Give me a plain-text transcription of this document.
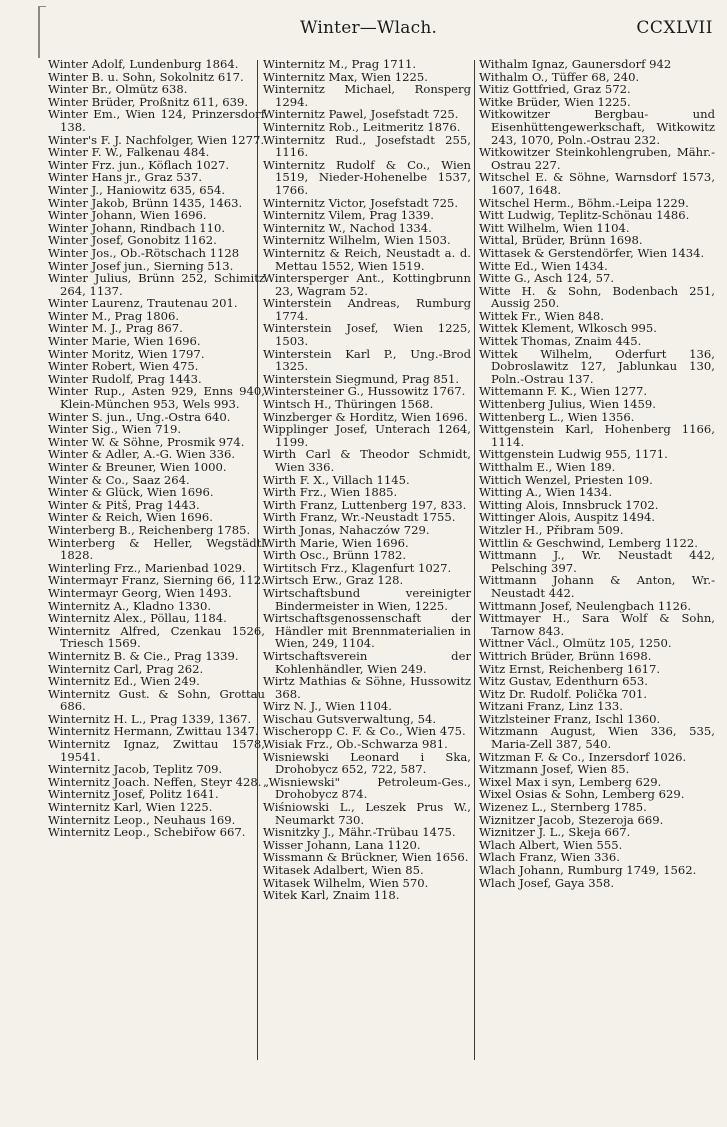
Winter—Wlach.	CCXLVII

Winter Adolf, Lundenburg 1864.

Winter B. u. Sohn, Sokolnitz 617.

Winter Br., Olmütz 638.

Winter Brüder, Proßnitz 611, 639.

Winter Em., Wien 124, Prinzersdorf 138.

Winter's F. J. Nachfolger, Wien 1277.

Winter F. W., Falkenau 484.

Winter Frz. jun., Köflach 1027.

Winter Hans jr., Graz 537.

Winter J., Haniowitz 635, 654.

Winter Jakob, Brünn 1435, 1463.

Winter Johann, Wien 1696.

Winter Johann, Rindbach 110.

Winter Josef, Gonobitz 1162.

Winter Jos., Ob.-Rötschach 1128

Winter Josef jun., Sierning 513.

Winter Julius, Brünn 252, Schimitz 264, 1137.

Winter Laurenz, Trautenau 201.

Winter M., Prag 1806.

Winter M. J., Prag 867.

Winter Marie, Wien 1696.

Winter Moritz, Wien 1797.

Winter Robert, Wien 475.

Winter Rudolf, Prag 1443.

Winter Rup., Asten 929, Enns 940, Klein-München 953, Wels 993.

Winter S. jun., Ung.-Ostra 640.

Winter Sig., Wien 719.

Winter W. & Söhne, Prosmik 974.

Winter & Adler, A.-G. Wien 336.

Winter & Breuner, Wien 1000.

Winter & Co., Saaz 264.

Winter & Glück, Wien 1696.

Winter & Pitš, Prag 1443.

Winter & Reich, Wien 1696.

Winterberg B., Reichenberg 1785.

Winterberg & Heller, Wegstädtl 1828.

Winterling Frz., Marienbad 1029.

Wintermayr Franz, Sierning 66, 112.

Wintermayr Georg, Wien 1493.

Winternitz A., Kladno 1330.

Winternitz Alex., Pöllau, 1184.

Winternitz Alfred, Czenkau 1526, Triesch 1569.

Winternitz B. & Cie., Prag 1339.

Winternitz Carl, Prag 262.

Winternitz Ed., Wien 249.

Winternitz Gust. & Sohn, Grottau 686.

Winternitz H. L., Prag 1339, 1367.

Winternitz Hermann, Zwittau 1347.

Winternitz Ignaz, Zwittau 1578, 19541.

Winternitz Jacob, Teplitz 709.

Winternitz Joach. Neffen, Steyr 428.

Winternitz Josef, Politz 1641.

Winternitz Karl, Wien 1225.

Winternitz Leop., Neuhaus 169.

Winternitz Leop., Schebiřow 667.

Winternitz M., Prag 1711.

Winternitz Max, Wien 1225.

Winternitz Michael, Ronsperg 1294.

Winternitz Pawel, Josefstadt 725.

Winternitz Rob., Leitmeritz 1876.

Winternitz Rud., Josefstadt 255, 1116.

Winternitz Rudolf & Co., Wien 1519, Nieder-Hohenelbe 1537, 1766.

Winternitz Victor, Josefstadt 725.

Winternitz Vilem, Prag 1339.

Winternitz W., Nachod 1334.

Winternitz Wilhelm, Wien 1503.

Winternitz & Reich, Neustadt a. d. Mettau 1552, Wien 1519.

Wintersperger Ant., Kottingbrunn 23, Wagram 52.

Winterstein Andreas, Rumburg 1774.

Winterstein Josef, Wien 1225, 1503.

Winterstein Karl P., Ung.-Brod 1325.

Winterstein Siegmund, Prag 851.

Wintersteiner G., Hussowitz 1767.

Wintsch H., Thüringen 1568.

Winzberger & Horditz, Wien 1696.

Wipplinger Josef, Unterach 1264, 1199.

Wirth Carl & Theodor Schmidt, Wien 336.

Wirth F. X., Villach 1145.

Wirth Frz., Wien 1885.

Wirth Franz, Luttenberg 197, 833.

Wirth Franz, Wr.-Neustadt 1755.

Wirth Jonas, Nahaczów 729.

Wirth Marie, Wien 1696.

Wirth Osc., Brünn 1782.

Wirtitsch Frz., Klagenfurt 1027.

Wirtsch Erw., Graz 128.

Wirtschaftsbund vereinigter Bindermeister in Wien, 1225.

Wirtschaftsgenossenschaft der Händler mit Brennmaterialien in Wien, 249, 1104.

Wirtschaftsverein der Kohlenhändler, Wien 249.

Wirtz Mathias & Söhne, Hussowitz 368.

Wirz N. J., Wien 1104.

Wischau Gutsverwaltung, 54.

Wischeropp C. F. & Co., Wien 475.

Wisiak Frz., Ob.-Schwarza 981.

Wisniewski Leonard i Ska, Drohobycz 652, 722, 587.

„Wisniewski" Petroleum-Ges., Drohobycz 874.

Wiśniowski L., Leszek Prus W., Neumarkt 730.

Wisnitzky J., Mähr.-Trübau 1475.

Wisser Johann, Lana 1120.

Wissmann & Brückner, Wien 1656.

Witasek Adalbert, Wien 85.

Witasek Wilhelm, Wien 570.

Witek Karl, Znaim 118.

Withalm Ignaz, Gaunersdorf 942

Withalm O., Tüffer 68, 240.

Witiz Gottfried, Graz 572.

Witke Brüder, Wien 1225.

Witkowitzer Bergbau- und Eisenhüttengewerkschaft, Witkowitz 243, 1070, Poln.-Ostrau 232.

Witkowitzer Steinkohlengruben, Mähr.-Ostrau 227.

Witschel E. & Söhne, Warnsdorf 1573, 1607, 1648.

Witschel Herm., Böhm.-Leipa 1229.

Witt Ludwig, Teplitz-Schönau 1486.

Witt Wilhelm, Wien 1104.

Wittal, Brüder, Brünn 1698.

Wittasek & Gerstendörfer, Wien 1434.

Witte Ed., Wien 1434.

Witte G., Asch 124, 57.

Witte H. & Sohn, Bodenbach 251, Aussig 250.

Wittek Fr., Wien 848.

Wittek Klement, Wlkosch 995.

Wittek Thomas, Znaim 445.

Wittek Wilhelm, Oderfurt 136, Dobroslawitz 127, Jablunkau 130, Poln.-Ostrau 137.

Wittemann F. K., Wien 1277.

Wittenberg Julius, Wien 1459.

Wittenberg L., Wien 1356.

Wittgenstein Karl, Hohenberg 1166, 1114.

Wittgenstein Ludwig 955, 1171.

Witthalm E., Wien 189.

Wittich Wenzel, Priesten 109.

Witting A., Wien 1434.

Witting Alois, Innsbruck 1702.

Wittinger Alois, Auspitz 1494.

Witzler H., Přibram 509.

Wittlin & Geschwind, Lemberg 1122.

Wittmann J., Wr. Neustadt 442, Pelsching 397.

Wittmann Johann & Anton, Wr.-Neustadt 442.

Wittmann Josef, Neulengbach 1126.

Wittmayer H., Sara Wolf & Sohn, Tarnow 843.

Wittner Václ., Olmütz 105, 1250.

Wittrich Brüder, Brünn 1698.

Witz Ernst, Reichenberg 1617.

Witz Gustav, Edenthurn 653.

Witz Dr. Rudolf. Polička 701.

Witzani Franz, Linz 133.

Witzlsteiner Franz, Ischl 1360.

Witzmann August, Wien 336, 535, Maria-Zell 387, 540.

Witzman F. & Co., Inzersdorf 1026.

Witzmann Josef, Wien 85.

Wixel Max i syn, Lemberg 629.

Wixel Osias & Sohn, Lemberg 629.

Wizenez L., Sternberg 1785.

Wiznitzer Jacob, Stezeroja 669.

Wiznitzer J. L., Skeja 667.

Wlach Albert, Wien 555.

Wlach Franz, Wien 336.

Wlach Johann, Rumburg 1749, 1562.

Wlach Josef, Gaya 358.
